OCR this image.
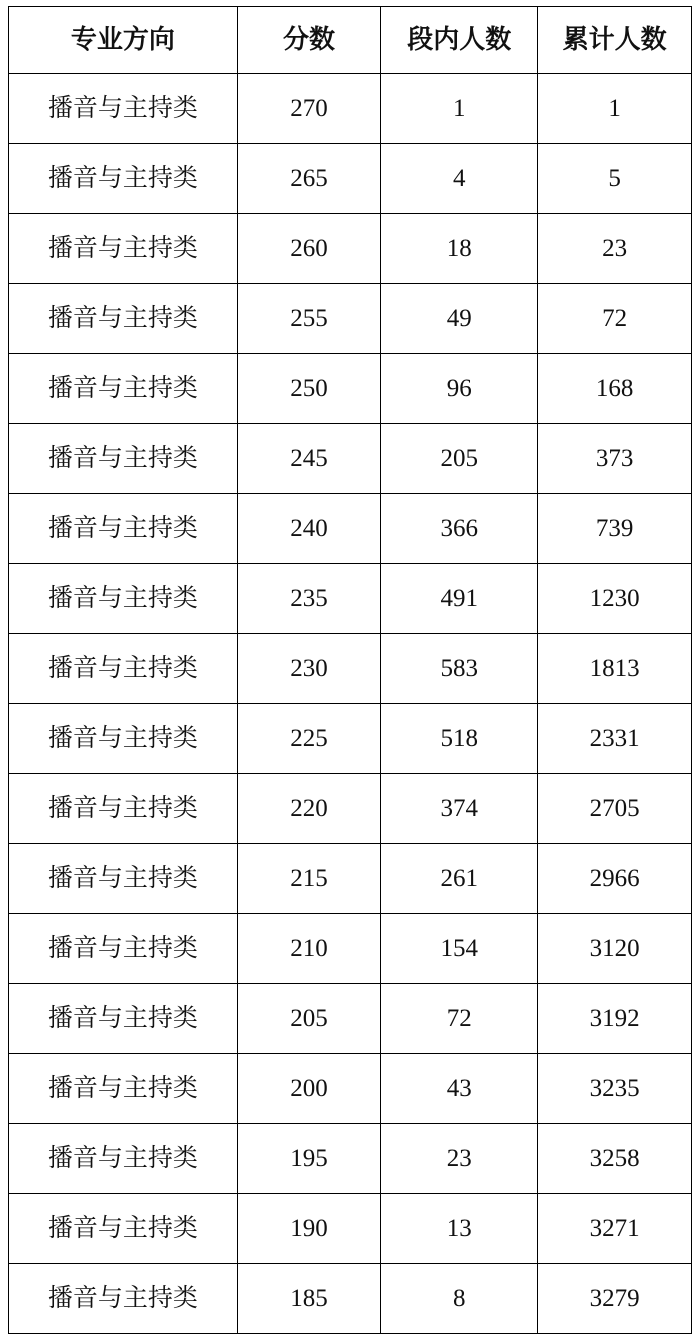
专业方向	分数	段内人数	累计人数
播音与主持类	270	1	1
播音与主持类	265	4	5
播音与主持类	260	18	23
播音与主持类	255	49	72
播音与主持类	250	96	168
播音与主持类	245	205	373
播音与主持类	240	366	739
播音与主持类	235	491	1230
播音与主持类	230	583	1813
播音与主持类	225	518	2331
播音与主持类	220	374	2705
播音与主持类	215	261	2966
播音与主持类	210	154	3120
播音与主持类	205	72	3192
播音与主持类	200	43	3235
播音与主持类	195	23	3258
播音与主持类	190	13	3271
播音与主持类	185	8	3279
